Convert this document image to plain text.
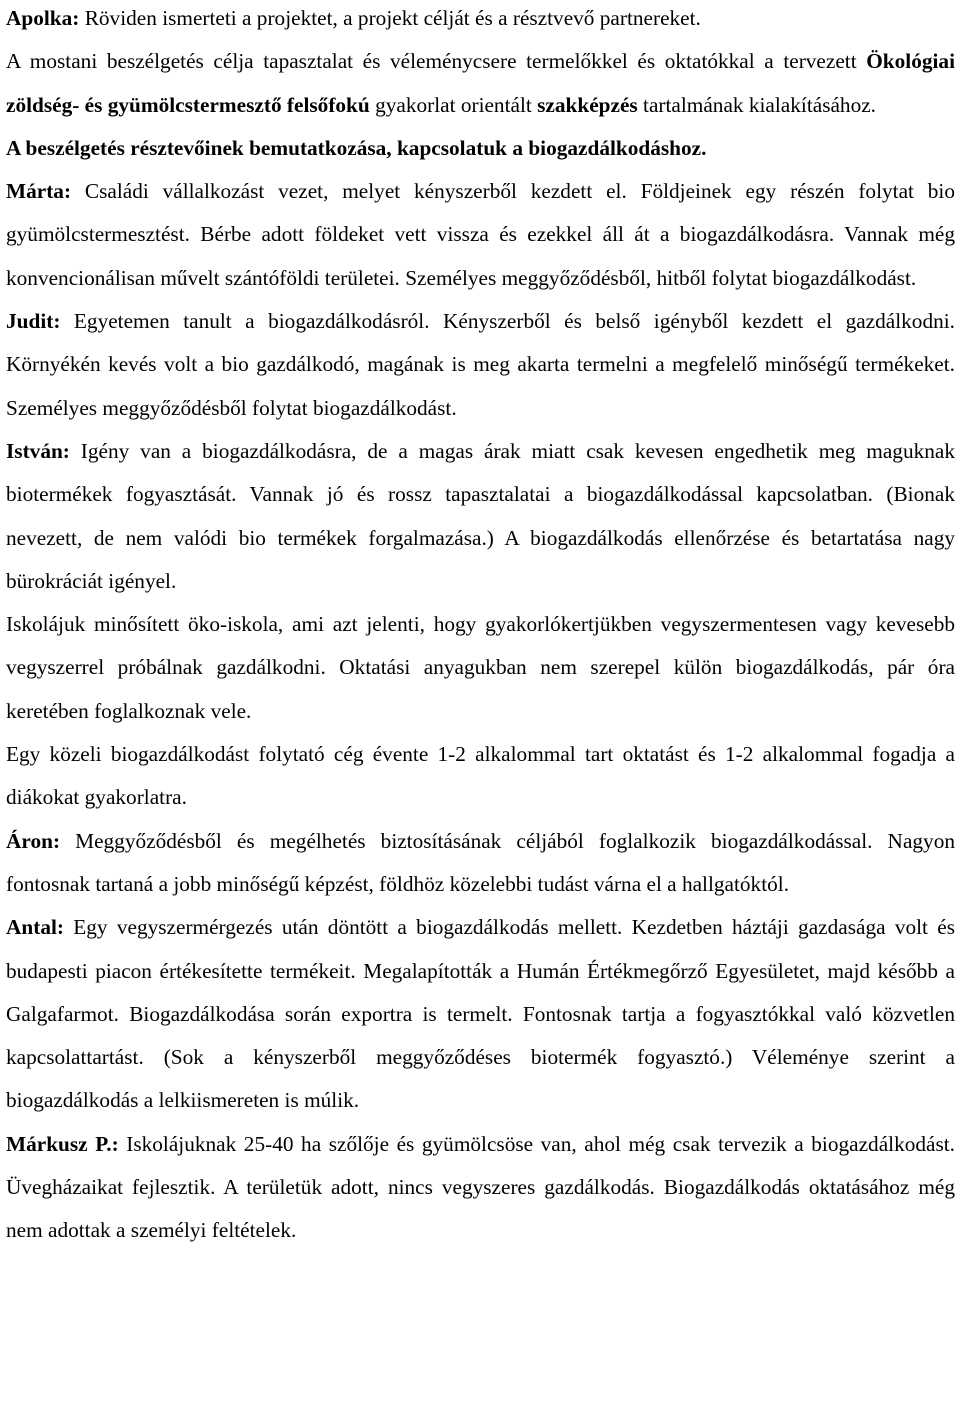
Apolka: Röviden ismerteti a projektet, a projekt célját és a résztvevő partnereket.

A mostani beszélgetés célja tapasztalat és véleménycsere termelőkkel és oktatókkal a tervezett Ökológiai zöldség- és gyümölcstermesztő felsőfokú gyakorlat orientált szakképzés tartalmának kialakításához.

A beszélgetés résztevőinek bemutatkozása, kapcsolatuk a biogazdálkodáshoz.

Márta: Családi vállalkozást vezet, melyet kényszerből kezdett el. Földjeinek egy részén folytat bio gyümölcstermesztést. Bérbe adott földeket vett vissza és ezekkel áll át a biogazdálkodásra. Vannak még konvencionálisan művelt szántóföldi területei. Személyes meggyőződésből, hitből folytat biogazdálkodást.

Judit: Egyetemen tanult a biogazdálkodásról. Kényszerből és belső igényből kezdett el gazdálkodni. Környékén kevés volt a bio gazdálkodó, magának is meg akarta termelni a megfelelő minőségű termékeket. Személyes meggyőződésből folytat biogazdálkodást.

István: Igény van a biogazdálkodásra, de a magas árak miatt csak kevesen engedhetik meg maguknak biotermékek fogyasztását. Vannak jó és rossz tapasztalatai a biogazdálkodással kapcsolatban. (Bionak nevezett, de nem valódi bio termékek forgalmazása.) A biogazdálkodás ellenőrzése és betartatása nagy bürokráciát igényel.

Iskolájuk minősített öko-iskola, ami azt jelenti, hogy gyakorlókertjükben vegyszermentesen vagy kevesebb vegyszerrel próbálnak gazdálkodni. Oktatási anyagukban nem szerepel külön biogazdálkodás, pár óra keretében foglalkoznak vele.

Egy közeli biogazdálkodást folytató cég évente 1-2 alkalommal tart oktatást és 1-2 alkalommal fogadja a diákokat gyakorlatra.

Áron: Meggyőződésből és megélhetés biztosításának céljából foglalkozik biogazdálkodással. Nagyon fontosnak tartaná a jobb minőségű képzést, földhöz közelebbi tudást várna el a hallgatóktól.

Antal: Egy vegyszermérgezés után döntött a biogazdálkodás mellett. Kezdetben háztáji gazdasága volt és budapesti piacon értékesítette termékeit. Megalapították a Humán Értékmegőrző Egyesületet, majd később a Galgafarmot. Biogazdálkodása során exportra is termelt. Fontosnak tartja a fogyasztókkal való közvetlen kapcsolattartást. (Sok a kényszerből meggyőződéses biotermék fogyasztó.) Véleménye szerint a biogazdálkodás a lelkiismereten is múlik.

Márkusz P.: Iskolájuknak 25-40 ha szőlője és gyümölcsöse van, ahol még csak tervezik a biogazdálkodást. Üvegházaikat fejlesztik. A területük adott, nincs vegyszeres gazdálkodás. Biogazdálkodás oktatásához még nem adottak a személyi feltételek.
